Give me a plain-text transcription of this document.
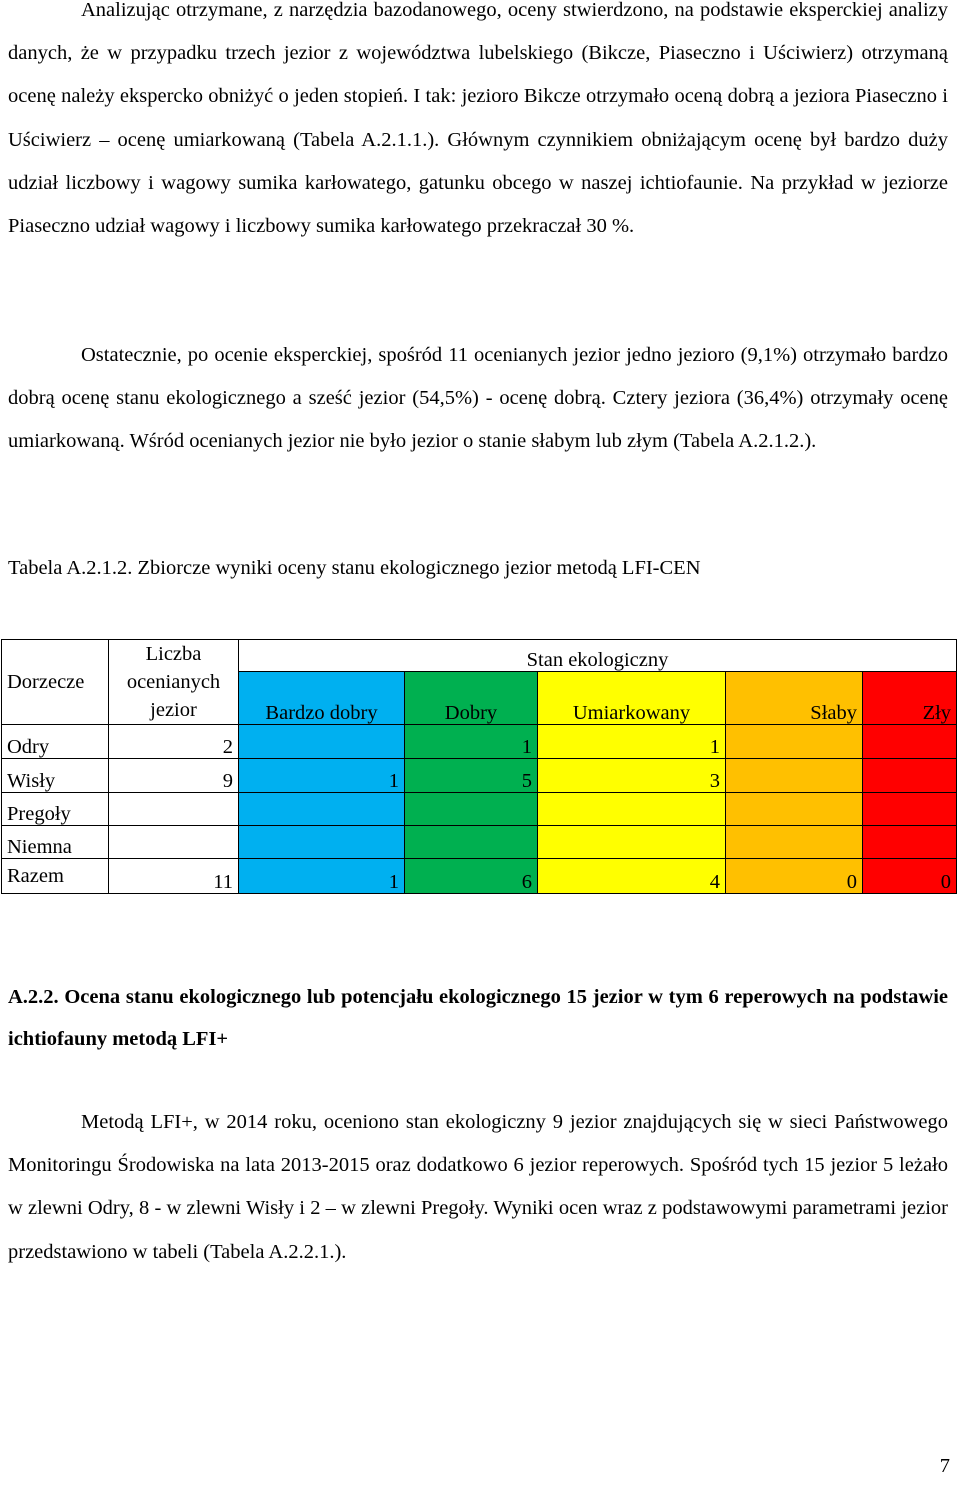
Analizując otrzymane, z narzędzia bazodanowego, oceny stwierdzono, na podstawie eksperckiej analizy danych, że w przypadku trzech jezior z województwa lubelskiego (Bikcze, Piaseczno i Uściwierz) otrzymaną ocenę należy ekspercko obniżyć o jeden stopień. I tak: jezioro Bikcze otrzymało oceną dobrą a jeziora Piaseczno i Uściwierz – ocenę umiarkowaną (Tabela A.2.1.1.). Głównym czynnikiem obniżającym ocenę był bardzo duży udział liczbowy i wagowy sumika karłowatego, gatunku obcego w naszej ichtiofaunie. Na przykład w jeziorze Piaseczno udział wagowy i liczbowy sumika karłowatego przekraczał 30 %.

Ostatecznie, po ocenie eksperckiej, spośród 11 ocenianych jezior jedno jezioro (9,1%) otrzymało bardzo dobrą ocenę stanu ekologicznego a sześć jezior (54,5%) - ocenę dobrą. Cztery jeziora (36,4%) otrzymały ocenę umiarkowaną. Wśród ocenianych jezior nie było jezior o stanie słabym lub złym (Tabela A.2.1.2.).

Tabela A.2.1.2. Zbiorcze wyniki oceny stanu ekologicznego jezior metodą LFI-CEN

Dorzecze	Liczba
ocenianych
jezior	Stan ekologiczny				
		Bardzo dobry	Dobry	Umiarkowany	Słaby	Zły
Odry	2		1	1		
Wisły	9	1	5	3		
Pregoły						
Niemna						
Razem	11	1	6	4	0	0

A.2.2. Ocena stanu ekologicznego lub potencjału ekologicznego 15 jezior w tym 6 reperowych na podstawie ichtiofauny metodą LFI+

Metodą LFI+, w 2014 roku, oceniono stan ekologiczny 9 jezior znajdujących się w sieci Państwowego Monitoringu Środowiska na lata 2013-2015 oraz dodatkowo 6 jezior reperowych. Spośród tych 15 jezior 5 leżało w zlewni Odry, 8 - w zlewni Wisły i 2 – w zlewni Pregoły. Wyniki ocen wraz z podstawowymi parametrami jezior przedstawiono w tabeli (Tabela A.2.2.1.).

7
